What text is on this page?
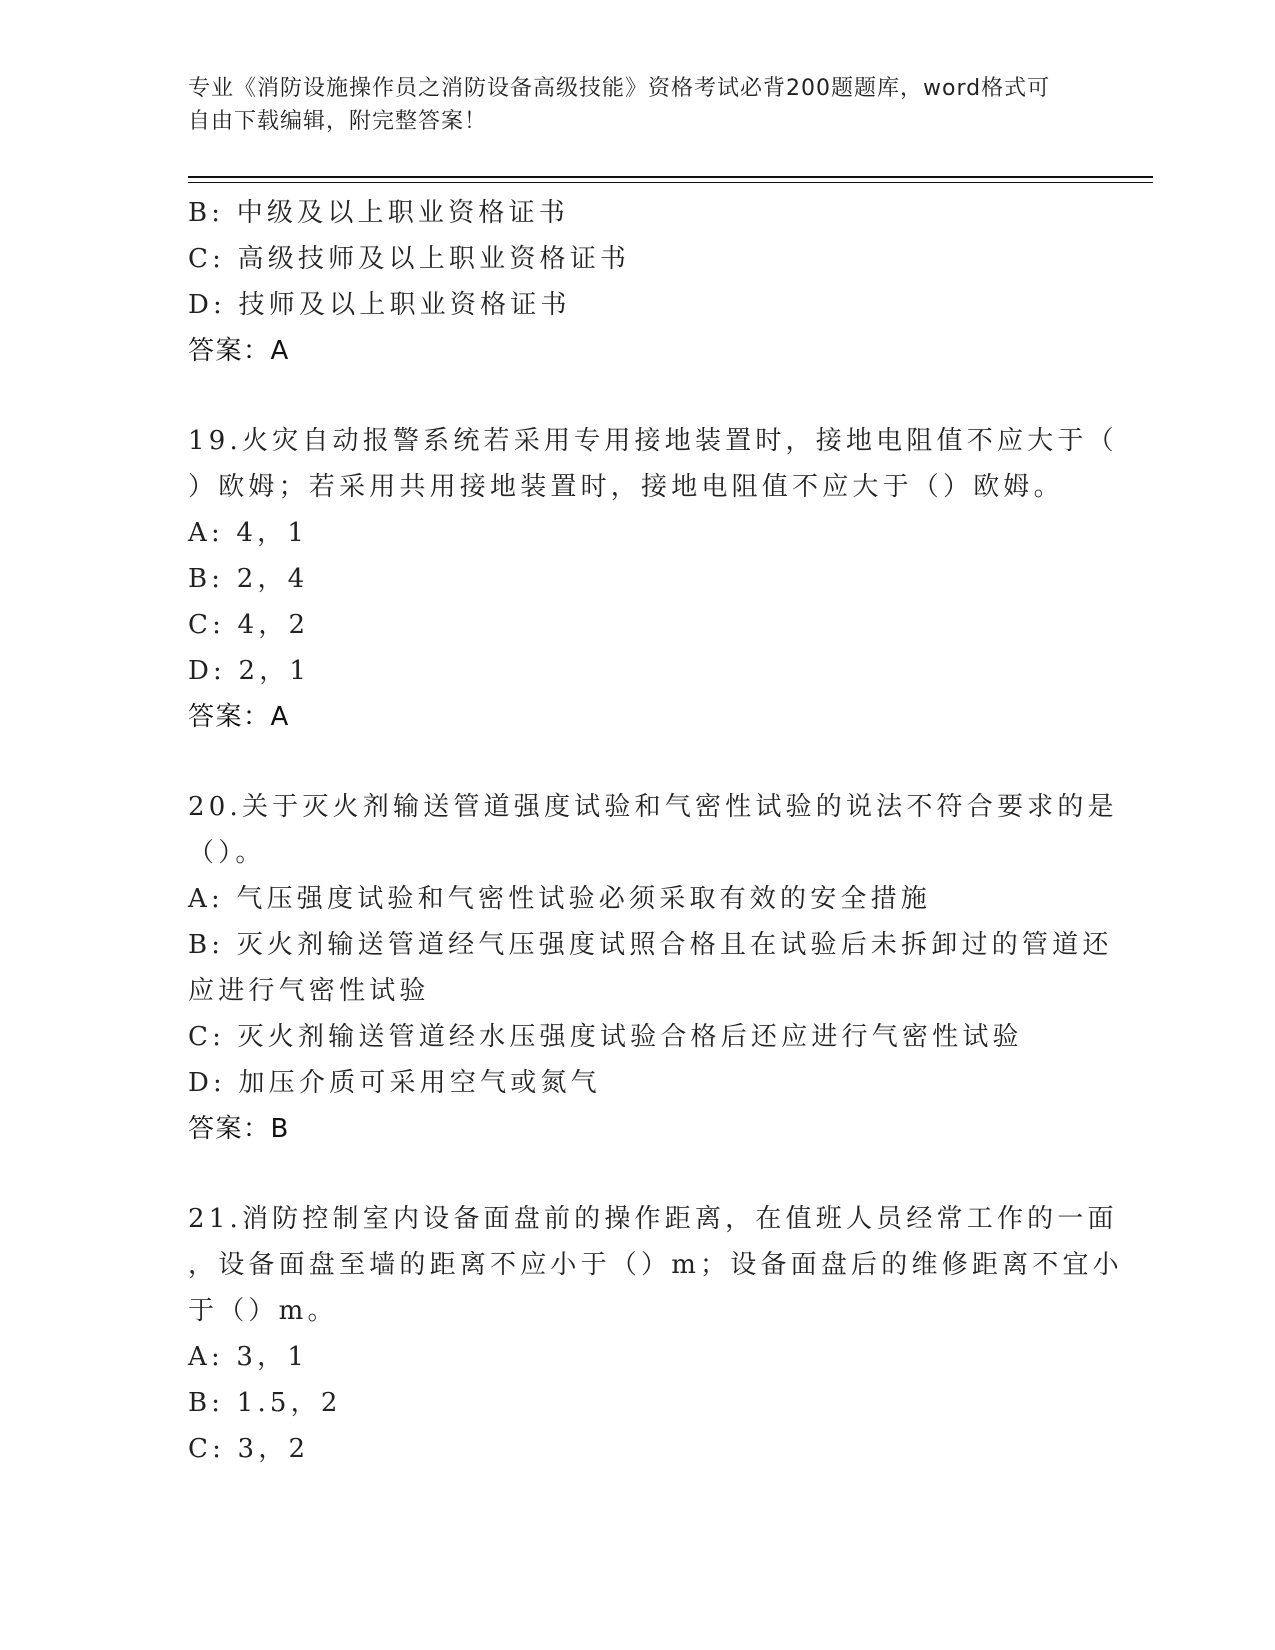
专业《消防设施操作员之消防设备高级技能》资格考试必背200题题库，word格式可自由下载编辑，附完整答案！
B: 中级及以上职业资格证书
C: 高级技师及以上职业资格证书
D: 技师及以上职业资格证书
答案：A
19.火灾自动报警系统若采用专用接地装置时，接地电阻值不应大于（
）欧姆；若采用共用接地装置时，接地电阻值不应大于（）欧姆。
A: 4，1
B: 2，4
C: 4，2
D: 2，1
答案：A
20.关于灭火剂输送管道强度试验和气密性试验的说法不符合要求的是
（）。
A: 气压强度试验和气密性试验必须采取有效的安全措施
B: 灭火剂输送管道经气压强度试照合格且在试验后未拆卸过的管道还
应进行气密性试验
C: 灭火剂输送管道经水压强度试验合格后还应进行气密性试验
D: 加压介质可采用空气或氮气
答案：B
21.消防控制室内设备面盘前的操作距离，在值班人员经常工作的一面
，设备面盘至墙的距离不应小于（）m；设备面盘后的维修距离不宜小
于（）m。
A: 3，1
B: 1.5，2
C: 3，2
